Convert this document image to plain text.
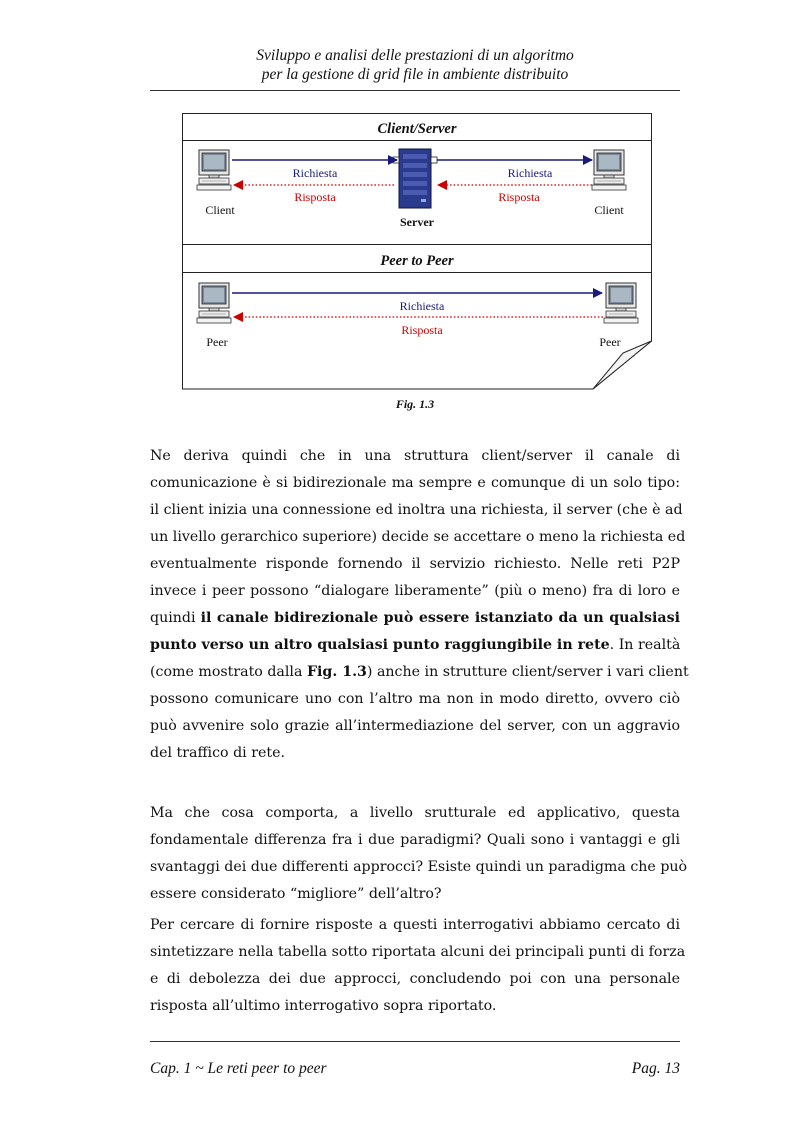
Sviluppo e analisi delle prestazioni di un algoritmo
per la gestione di grid file in ambiente distribuito
Client/Server
Client	Client
Server
Richiesta
Risposta
Richiesta
Risposta
Peer to Peer
Peer	Peer
Richiesta
Risposta
Fig. 1.3
Ne deriva quindi che in una struttura client/server il canale di
comunicazione è si bidirezionale ma sempre e comunque di un solo tipo:
il client inizia una connessione ed inoltra una richiesta, il server (che è ad
un livello gerarchico superiore) decide se accettare o meno la richiesta ed
eventualmente risponde fornendo il servizio richiesto. Nelle reti P2P
invece i peer possono “dialogare liberamente” (più o meno) fra di loro e
quindi il canale bidirezionale può essere istanziato da un qualsiasi
punto verso un altro qualsiasi punto raggiungibile in rete. In realtà
(come mostrato dalla Fig. 1.3) anche in strutture client/server i vari client
possono comunicare uno con l’altro ma non in modo diretto, ovvero ciò
può avvenire solo grazie all’intermediazione del server, con un aggravio
del traffico di rete.
Ma che cosa comporta, a livello srutturale ed applicativo, questa
fondamentale differenza fra i due paradigmi? Quali sono i vantaggi e gli
svantaggi dei due differenti approcci? Esiste quindi un paradigma che può
essere considerato “migliore” dell’altro?
Per cercare di fornire risposte a questi interrogativi abbiamo cercato di
sintetizzare nella tabella sotto riportata alcuni dei principali punti di forza
e di debolezza dei due approcci, concludendo poi con una personale
risposta all’ultimo interrogativo sopra riportato.
Cap. 1 ~ Le reti peer to peer	Pag. 13
